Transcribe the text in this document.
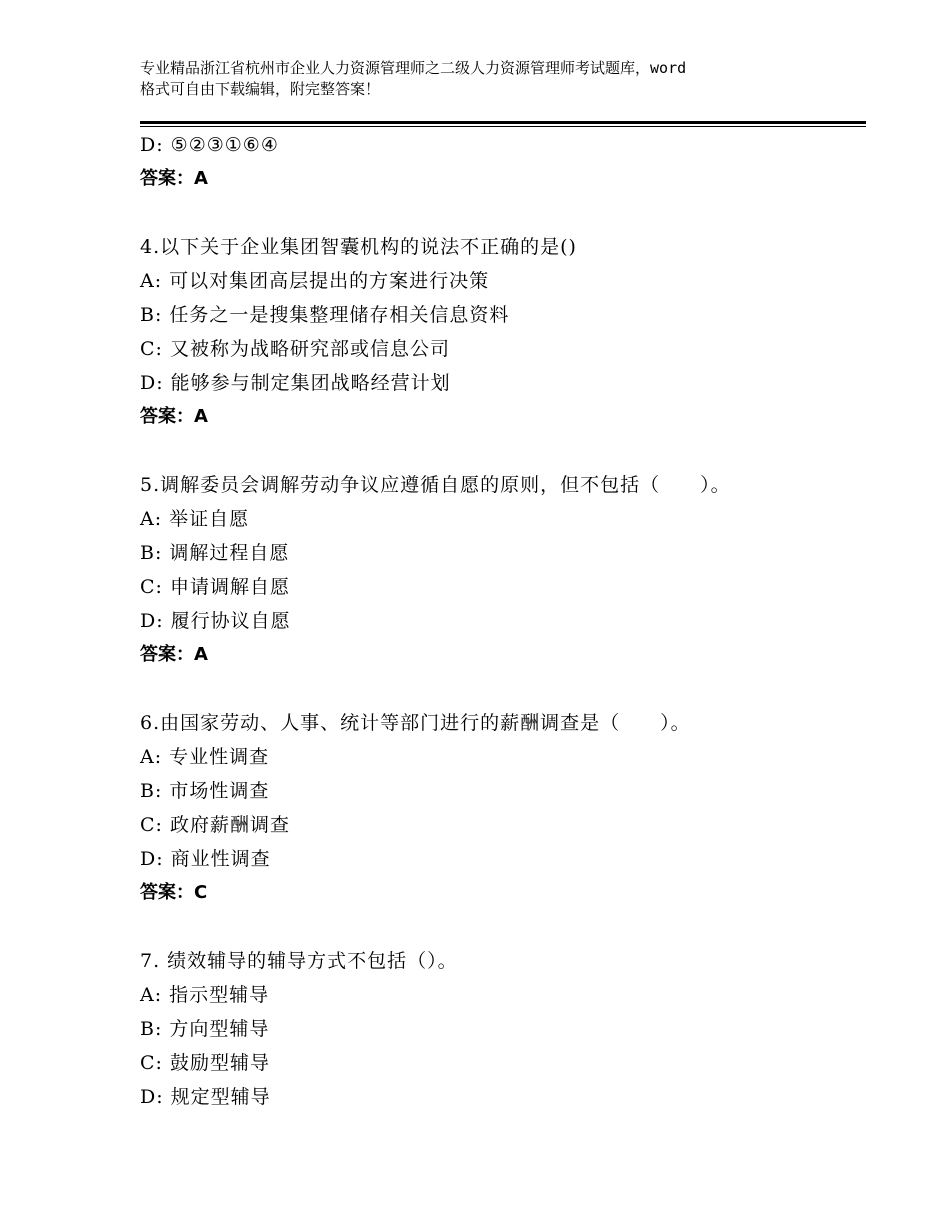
专业精品浙江省杭州市企业人力资源管理师之二级人力资源管理师考试题库，word
格式可自由下载编辑，附完整答案！
D: ⑤②③①⑥④
答案：A
4.以下关于企业集团智囊机构的说法不正确的是()
A: 可以对集团高层提出的方案进行决策
B: 任务之一是搜集整理储存相关信息资料
C: 又被称为战略研究部或信息公司
D: 能够参与制定集团战略经营计划
答案：A
5.调解委员会调解劳动争议应遵循自愿的原则，但不包括（　　）。
A: 举证自愿
B: 调解过程自愿
C: 申请调解自愿
D: 履行协议自愿
答案：A
6.由国家劳动、人事、统计等部门进行的薪酬调查是（　　）。
A: 专业性调查
B: 市场性调查
C: 政府薪酬调查
D: 商业性调查
答案：C
7. 绩效辅导的辅导方式不包括（）。
A: 指示型辅导
B: 方向型辅导
C: 鼓励型辅导
D: 规定型辅导
